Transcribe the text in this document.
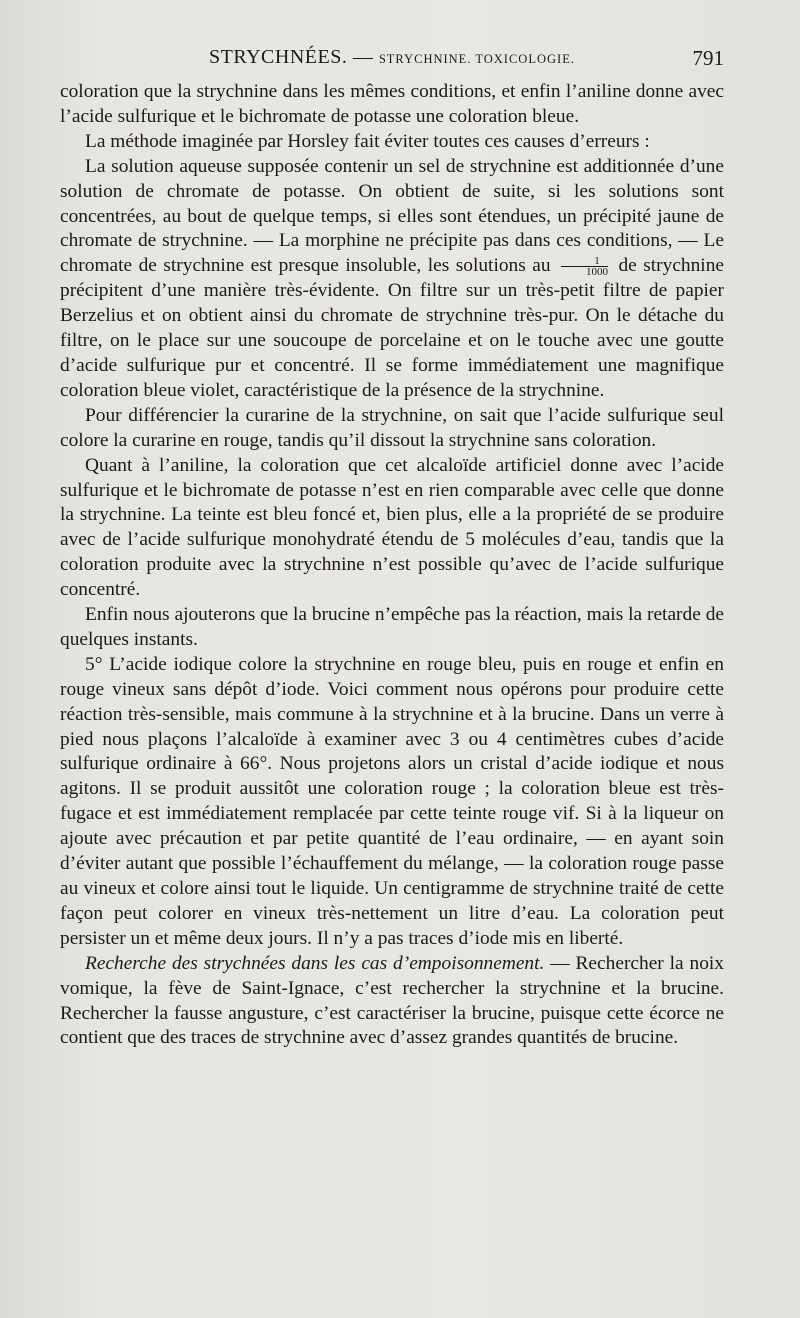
STRYCHNÉES. — STRYCHNINE. TOXICOLOGIE.	791

coloration que la strychnine dans les mêmes conditions, et enfin l’aniline donne avec l’acide sulfurique et le bichromate de potasse une coloration bleue.

La méthode imaginée par Horsley fait éviter toutes ces causes d’erreurs :

La solution aqueuse supposée contenir un sel de strychnine est additionnée d’une solution de chromate de potasse. On obtient de suite, si les solutions sont concentrées, au bout de quelque temps, si elles sont étendues, un précipité jaune de chromate de strychnine. — La morphine ne précipite pas dans ces conditions, — Le chromate de strychnine est presque insoluble, les solutions au $\frac{1}{1000}$ de strychnine précipitent d’une manière très-évidente. On filtre sur un très-petit filtre de papier Berzelius et on obtient ainsi du chromate de strychnine très-pur. On le détache du filtre, on le place sur une soucoupe de porcelaine et on le touche avec une goutte d’acide sulfurique pur et concentré. Il se forme immédiatement une magnifique coloration bleue violet, caractéristique de la présence de la strychnine.

Pour différencier la curarine de la strychnine, on sait que l’acide sulfurique seul colore la curarine en rouge, tandis qu’il dissout la strychnine sans coloration.

Quant à l’aniline, la coloration que cet alcaloïde artificiel donne avec l’acide sulfurique et le bichromate de potasse n’est en rien comparable avec celle que donne la strychnine. La teinte est bleu foncé et, bien plus, elle a la propriété de se produire avec de l’acide sulfurique monohydraté étendu de 5 molécules d’eau, tandis que la coloration produite avec la strychnine n’est possible qu’avec de l’acide sulfurique concentré.

Enfin nous ajouterons que la brucine n’empêche pas la réaction, mais la retarde de quelques instants.

5° L’acide iodique colore la strychnine en rouge bleu, puis en rouge et enfin en rouge vineux sans dépôt d’iode. Voici comment nous opérons pour produire cette réaction très-sensible, mais commune à la strychnine et à la brucine. Dans un verre à pied nous plaçons l’alcaloïde à examiner avec 3 ou 4 centimètres cubes d’acide sulfurique ordinaire à 66°. Nous projetons alors un cristal d’acide iodique et nous agitons. Il se produit aussitôt une coloration rouge ; la coloration bleue est très-fugace et est immédiatement remplacée par cette teinte rouge vif. Si à la liqueur on ajoute avec précaution et par petite quantité de l’eau ordinaire, — en ayant soin d’éviter autant que possible l’échauffement du mélange, — la coloration rouge passe au vineux et colore ainsi tout le liquide. Un centigramme de strychnine traité de cette façon peut colorer en vineux très-nettement un litre d’eau. La coloration peut persister un et même deux jours. Il n’y a pas traces d’iode mis en liberté.

Recherche des strychnées dans les cas d’empoisonnement. — Rechercher la noix vomique, la fève de Saint-Ignace, c’est rechercher la strychnine et la brucine. Rechercher la fausse angusture, c’est caractériser la brucine, puisque cette écorce ne contient que des traces de strychnine avec d’assez grandes quantités de brucine.
